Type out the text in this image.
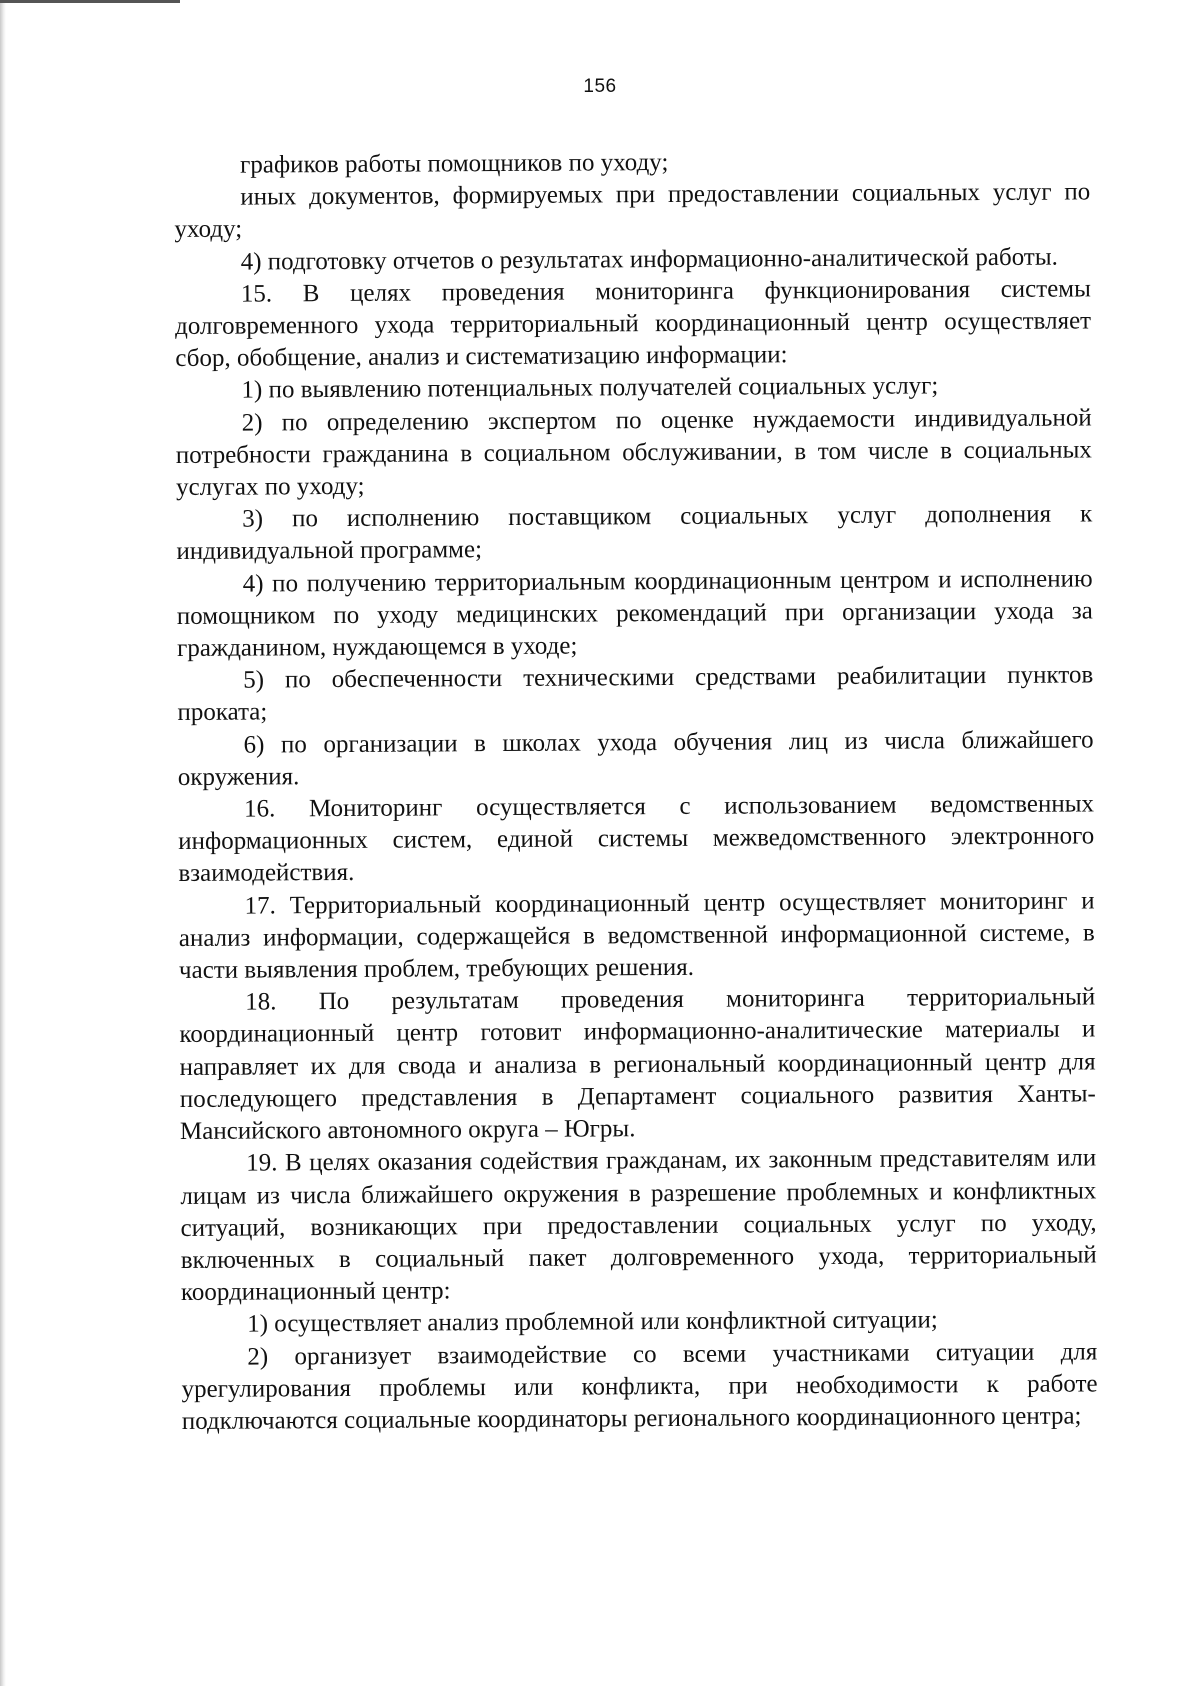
156

графиков работы помощников по уходу;

иных документов, формируемых при предоставлении социальных услуг по уходу;

4) подготовку отчетов о результатах информационно-аналитической работы.

15. В целях проведения мониторинга функционирования системы долговременного ухода территориальный координационный центр осуществляет сбор, обобщение, анализ и систематизацию информации:

1) по выявлению потенциальных получателей социальных услуг;

2) по определению экспертом по оценке нуждаемости индивидуальной потребности гражданина в социальном обслуживании, в том числе в социальных услугах по уходу;

3) по исполнению поставщиком социальных услуг дополнения к индивидуальной программе;

4) по получению территориальным координационным центром и исполнению помощником по уходу медицинских рекомендаций при организации ухода за гражданином, нуждающемся в уходе;

5) по обеспеченности техническими средствами реабилитации пунктов проката;

6) по организации в школах ухода обучения лиц из числа ближайшего окружения.

16. Мониторинг осуществляется с использованием ведомственных информационных систем, единой системы межведомственного электронного взаимодействия.

17. Территориальный координационный центр осуществляет мониторинг и анализ информации, содержащейся в ведомственной информационной системе, в части выявления проблем, требующих решения.

18. По результатам проведения мониторинга территориальный координационный центр готовит информационно-аналитические материалы и направляет их для свода и анализа в региональный координационный центр для последующего представления в Департамент социального развития Ханты-Мансийского автономного округа – Югры.

19. В целях оказания содействия гражданам, их законным представителям или лицам из числа ближайшего окружения в разрешение проблемных и конфликтных ситуаций, возникающих при предоставлении социальных услуг по уходу, включенных в социальный пакет долговременного ухода, территориальный координационный центр:

1) осуществляет анализ проблемной или конфликтной ситуации;

2) организует взаимодействие со всеми участниками ситуации для урегулирования проблемы или конфликта, при необходимости к работе подключаются социальные координаторы регионального координационного центра;
